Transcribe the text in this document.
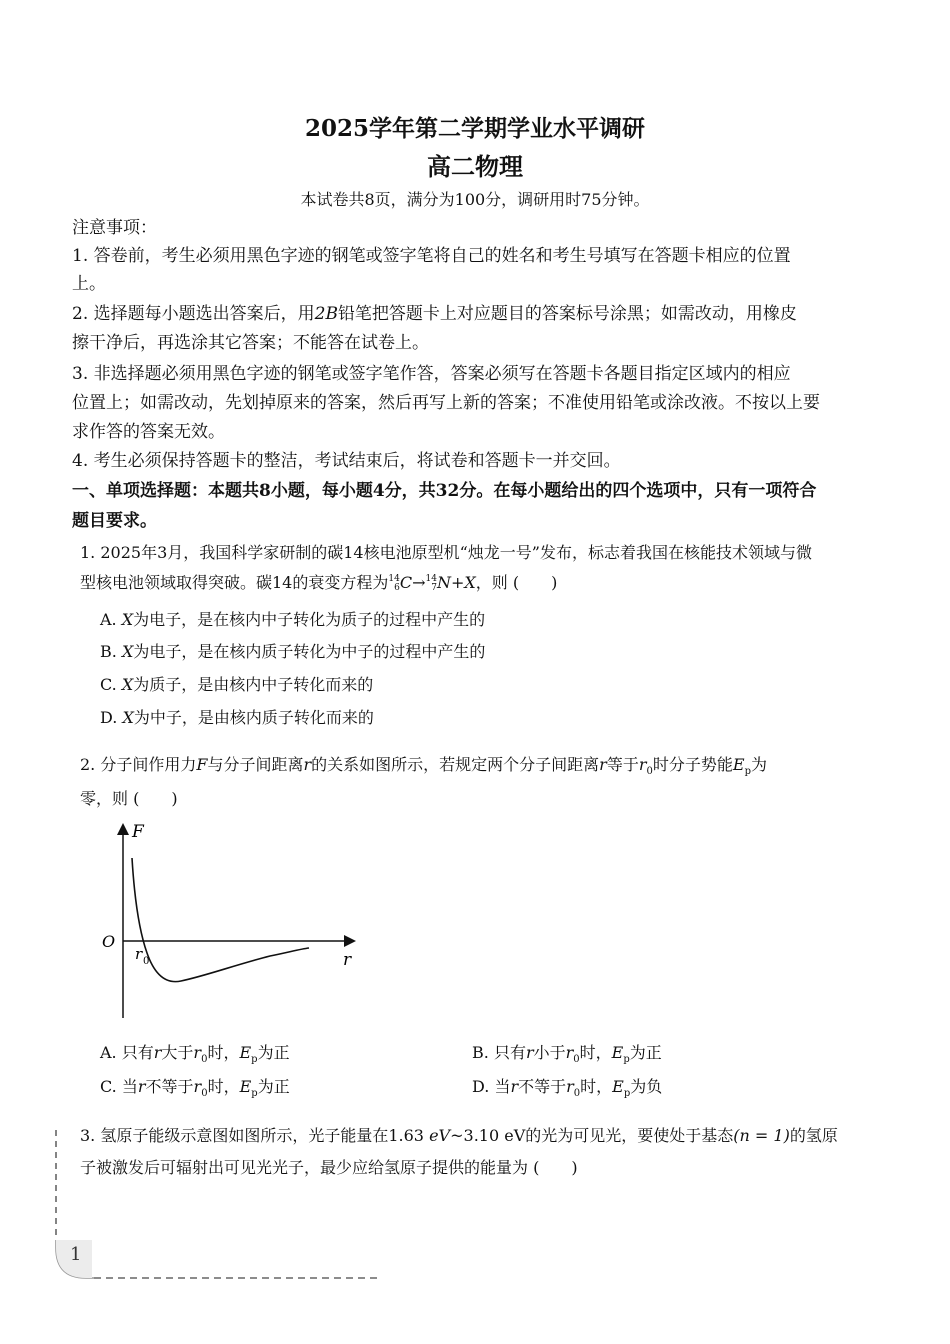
2025学年第二学期学业水平调研
高二物理
本试卷共8页，满分为100分，调研用时75分钟。
注意事项：
1. 答卷前，考生必须用黑色字迹的钢笔或签字笔将自己的姓名和考生号填写在答题卡相应的位置
上。
2. 选择题每小题选出答案后，用2B铅笔把答题卡上对应题目的答案标号涂黑；如需改动，用橡皮
擦干净后，再选涂其它答案；不能答在试卷上。
3. 非选择题必须用黑色字迹的钢笔或签字笔作答，答案必须写在答题卡各题目指定区域内的相应
位置上；如需改动，先划掉原来的答案，然后再写上新的答案；不准使用铅笔或涂改液。不按以上要
求作答的答案无效。
4. 考生必须保持答题卡的整洁，考试结束后，将试卷和答题卡一并交回。
一、单项选择题：本题共8小题，每小题4分，共32分。在每小题给出的四个选项中，只有一项符合
题目要求。
1. 2025年3月，我国科学家研制的碳14核电池原型机“烛龙一号”发布，标志着我国在核能技术领域与微
型核电池领域取得突破。碳14的衰变方程为14
6C→14
7N+X，则 (　　)
A. X为电子，是在核内中子转化为质子的过程中产生的
B. X为电子，是在核内质子转化为中子的过程中产生的
C. X为质子，是由核内中子转化而来的
D. X为中子，是由核内质子转化而来的
2. 分子间作用力F与分子间距离r的关系如图所示，若规定两个分子间距离r等于$r_0$时分子势能$E_p$为
零，则 (　　)
F
r
O
r 0
A. 只有r大于$r_0$时，$E_p$为正	B. 只有r小于$r_0$时，$E_p$为正
C. 当r不等于$r_0$时，$E_p$为正	D. 当r不等于$r_0$时，$E_p$为负
3. 氢原子能级示意图如图所示，光子能量在1.63 eV~3.10 eV的光为可见光，要使处于基态(n = 1)的氢原
子被激发后可辐射出可见光光子，最少应给氢原子提供的能量为 (　　)
1
